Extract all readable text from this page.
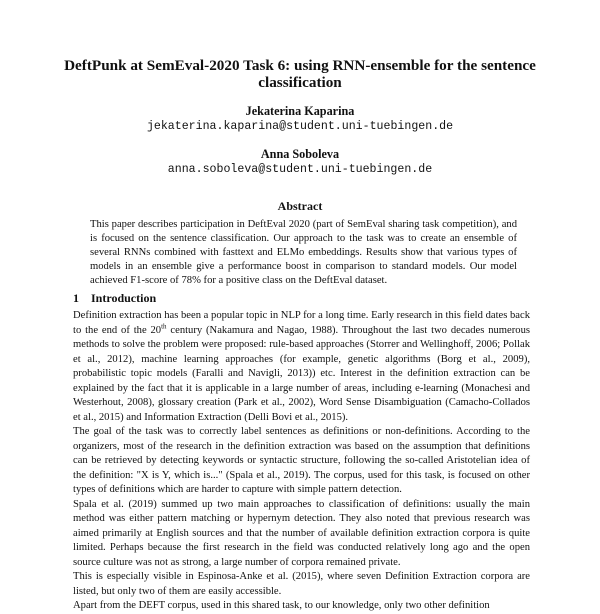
DeftPunk at SemEval-2020 Task 6: using RNN-ensemble for the sentence classification
Jekaterina Kaparina
jekaterina.kaparina@student.uni-tuebingen.de
Anna Soboleva
anna.soboleva@student.uni-tuebingen.de
Abstract

This paper describes participation in DeftEval 2020 (part of SemEval sharing task competition), and is focused on the sentence classification. Our approach to the task was to create an ensemble of several RNNs combined with fasttext and ELMo embeddings. Results show that various types of models in an ensemble give a performance boost in comparison to standard models. Our model achieved F1-score of 78% for a positive class on the DeftEval dataset.

1 Introduction

Definition extraction has been a popular topic in NLP for a long time. Early research in this field dates back to the end of the 20th century (Nakamura and Nagao, 1988). Throughout the last two decades numerous methods to solve the problem were proposed: rule-based approaches (Storrer and Wellinghoff, 2006; Pollak et al., 2012), machine learning approaches (for example, genetic algorithms (Borg et al., 2009), probabilistic topic models (Faralli and Navigli, 2013)) etc. Interest in the definition extraction can be explained by the fact that it is applicable in a large number of areas, including e-learning (Monachesi and Westerhout, 2008), glossary creation (Park et al., 2002), Word Sense Disambiguation (Camacho-Collados et al., 2015) and Information Extraction (Delli Bovi et al., 2015).

The goal of the task was to correctly label sentences as definitions or non-definitions. According to the organizers, most of the research in the definition extraction was based on the assumption that definitions can be retrieved by detecting keywords or syntactic structure, following the so-called Aristotelian idea of the definition: "X is Y, which is..." (Spala et al., 2019). The corpus, used for this task, is focused on other types of definitions which are harder to capture with simple pattern detection.

Spala et al. (2019) summed up two main approaches to classification of definitions: usually the main method was either pattern matching or hypernym detection. They also noted that previous research was aimed primarily at English sources and that the number of available definition extraction corpora is quite limited. Perhaps because the first research in the field was conducted relatively long ago and the open source culture was not as strong, a large number of corpora remained private.

This is especially visible in Espinosa-Anke et al. (2015), where seven Definition Extraction corpora are listed, but only two of them are easily accessible.

Apart from the DEFT corpus, used in this shared task, to our knowledge, only two other definition
